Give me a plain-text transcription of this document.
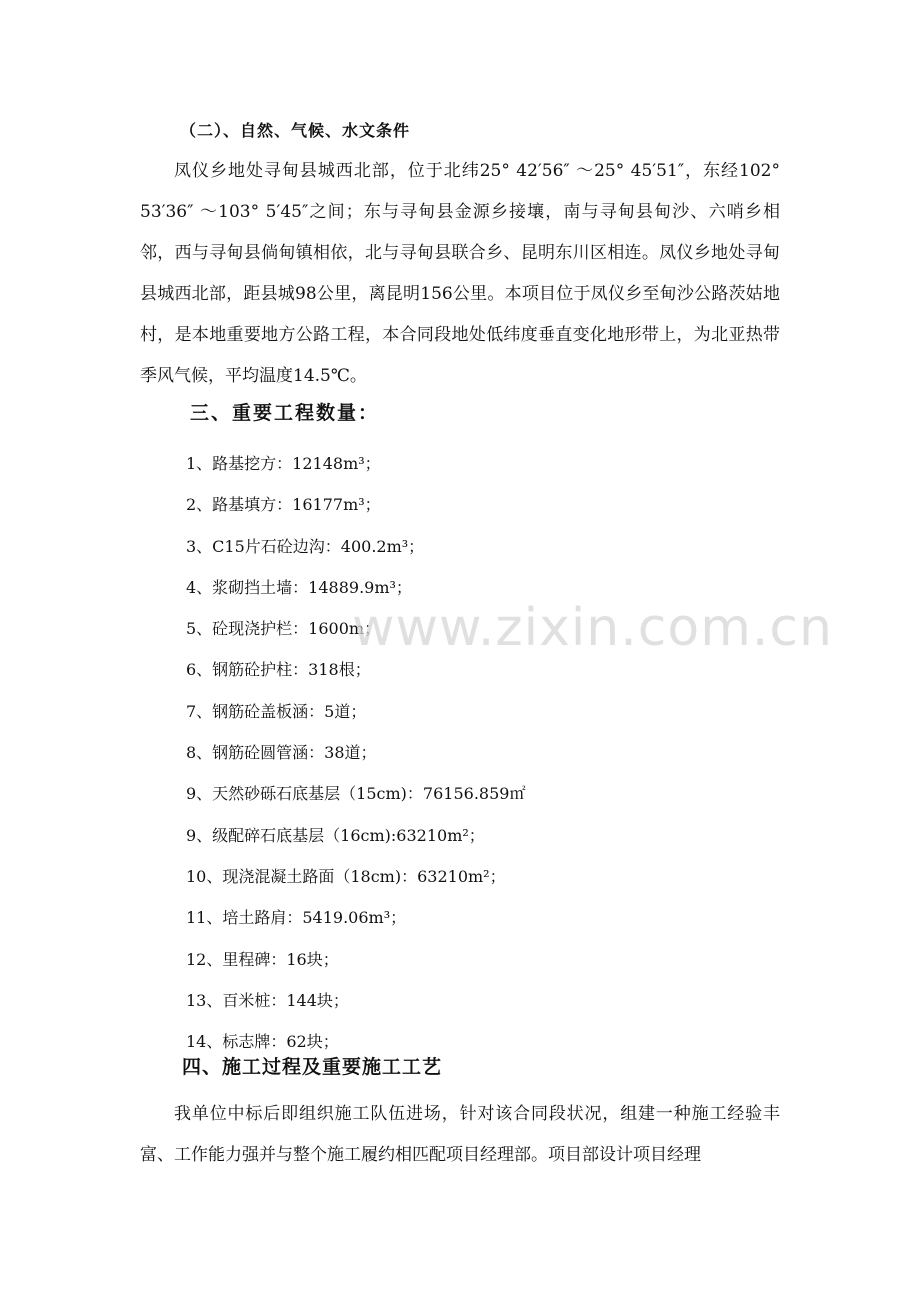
（二）、自然、气候、水文条件

凤仪乡地处寻甸县城西北部，位于北纬25° 42′56″ ～25° 45′51″，东经102° 53′36″ ～103° 5′45″之间；东与寻甸县金源乡接壤，南与寻甸县甸沙、六哨乡相邻，西与寻甸县倘甸镇相依，北与寻甸县联合乡、昆明东川区相连。凤仪乡地处寻甸县城西北部，距县城98公里，离昆明156公里。本项目位于凤仪乡至甸沙公路茨姑地村，是本地重要地方公路工程，本合同段地处低纬度垂直变化地形带上，为北亚热带季风气候，平均温度14.5℃。

三、重要工程数量：
1、路基挖方：12148m³；
2、路基填方：16177m³；
3、C15片石砼边沟：400.2m³；
4、浆砌挡土墙：14889.9m³；
5、砼现浇护栏：1600m；
6、钢筋砼护柱：318根；
7、钢筋砼盖板涵：5道；
8、钢筋砼圆管涵：38道；
9、天然砂砾石底基层（15cm)：76156.859㎡
9、级配碎石底基层（16cm):63210m²；
10、现浇混凝土路面（18cm)：63210m²；
11、培土路肩：5419.06m³；
12、里程碑：16块；
13、百米桩：144块；
14、标志牌：62块；
四、施工过程及重要施工工艺

我单位中标后即组织施工队伍进场，针对该合同段状况，组建一种施工经验丰富、工作能力强并与整个施工履约相匹配项目经理部。项目部设计项目经理

www.zixin.com.cn
